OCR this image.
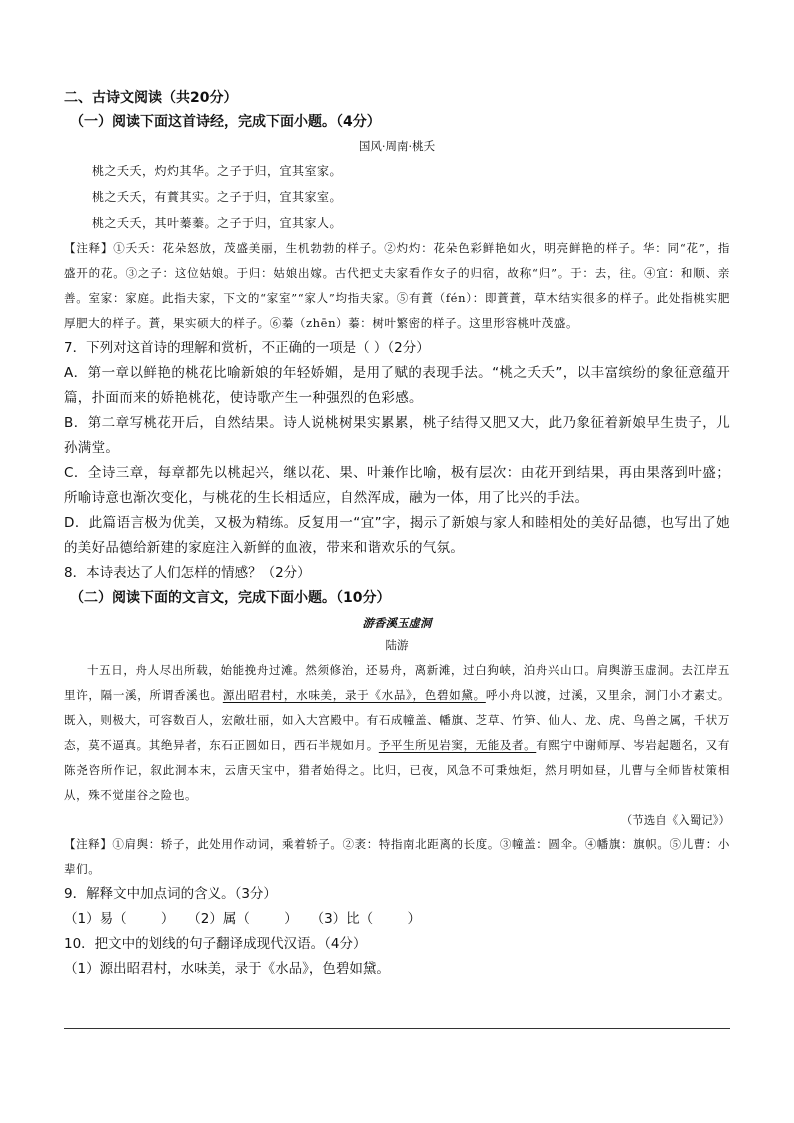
二、古诗文阅读（共20分）

（一）阅读下面这首诗经，完成下面小题。（4分）

国风·周南·桃夭

桃之夭夭，灼灼其华。之子于归，宜其室家。

桃之夭夭，有蕡其实。之子于归，宜其家室。

桃之夭夭，其叶蓁蓁。之子于归，宜其家人。

【注释】①夭夭：花朵怒放，茂盛美丽，生机勃勃的样子。②灼灼：花朵色彩鲜艳如火，明亮鲜艳的样子。华：同“花”，指盛开的花。③之子：这位姑娘。于归：姑娘出嫁。古代把丈夫家看作女子的归宿，故称“归”。于：去，往。④宜：和顺、亲善。室家：家庭。此指夫家，下文的“家室”“家人”均指夫家。⑤有蕡（fén）：即蕡蕡，草木结实很多的样子。此处指桃实肥厚肥大的样子。蕡，果实硕大的样子。⑥蓁（zhēn）蓁：树叶繁密的样子。这里形容桃叶茂盛。

7．下列对这首诗的理解和赏析，不正确的一项是（ ）（2分）

A．第一章以鲜艳的桃花比喻新娘的年轻娇媚，是用了赋的表现手法。“桃之夭夭”，以丰富缤纷的象征意蕴开篇，扑面而来的娇艳桃花，使诗歌产生一种强烈的色彩感。

B．第二章写桃花开后，自然结果。诗人说桃树果实累累，桃子结得又肥又大，此乃象征着新娘早生贵子，儿孙满堂。

C．全诗三章，每章都先以桃起兴，继以花、果、叶兼作比喻，极有层次：由花开到结果，再由果落到叶盛；所喻诗意也渐次变化，与桃花的生长相适应，自然浑成，融为一体，用了比兴的手法。

D．此篇语言极为优美，又极为精练。反复用一“宜”字，揭示了新娘与家人和睦相处的美好品德，也写出了她的美好品德给新建的家庭注入新鲜的血液，带来和谐欢乐的气氛。

8．本诗表达了人们怎样的情感？（2分）

（二）阅读下面的文言文，完成下面小题。（10分）

游香溪玉虚洞

陆游

十五日，舟人尽出所载，始能挽舟过滩。然须修治，还易舟，离新滩，过白狗峡，泊舟兴山口。肩舆游玉虚洞。去江岸五里许，隔一溪，所谓香溪也。源出昭君村，水味美，录于《水品》，色碧如黛。呼小舟以渡，过溪，又里余，洞门小才素丈。既入，则极大，可容数百人，宏敞壮丽，如入大宫殿中。有石成幢盖、幡旗、芝草、竹笋、仙人、龙、虎、鸟兽之属，千状万态，莫不逼真。其绝异者，东石正圆如日，西石半规如月。予平生所见岩窦，无能及者。有熙宁中谢师厚、岑岩起题名，又有陈尧咨所作记，叙此洞本末，云唐天宝中，猎者始得之。比归，已夜，风急不可秉烛炬，然月明如昼，儿曹与全师皆杖策相从，殊不觉崖谷之险也。

（节选自《入蜀记》）

【注释】①肩舆：轿子，此处用作动词，乘着轿子。②袤：特指南北距离的长度。③幢盖：圆伞。④幡旗：旗帜。⑤儿曹：小辈们。

9．解释文中加点词的含义。（3分）

（1）易（        ）   （2）属（        ）   （3）比（        ）

10．把文中的划线的句子翻译成现代汉语。（4分）

（1）源出昭君村，水味美，录于《水品》，色碧如黛。
